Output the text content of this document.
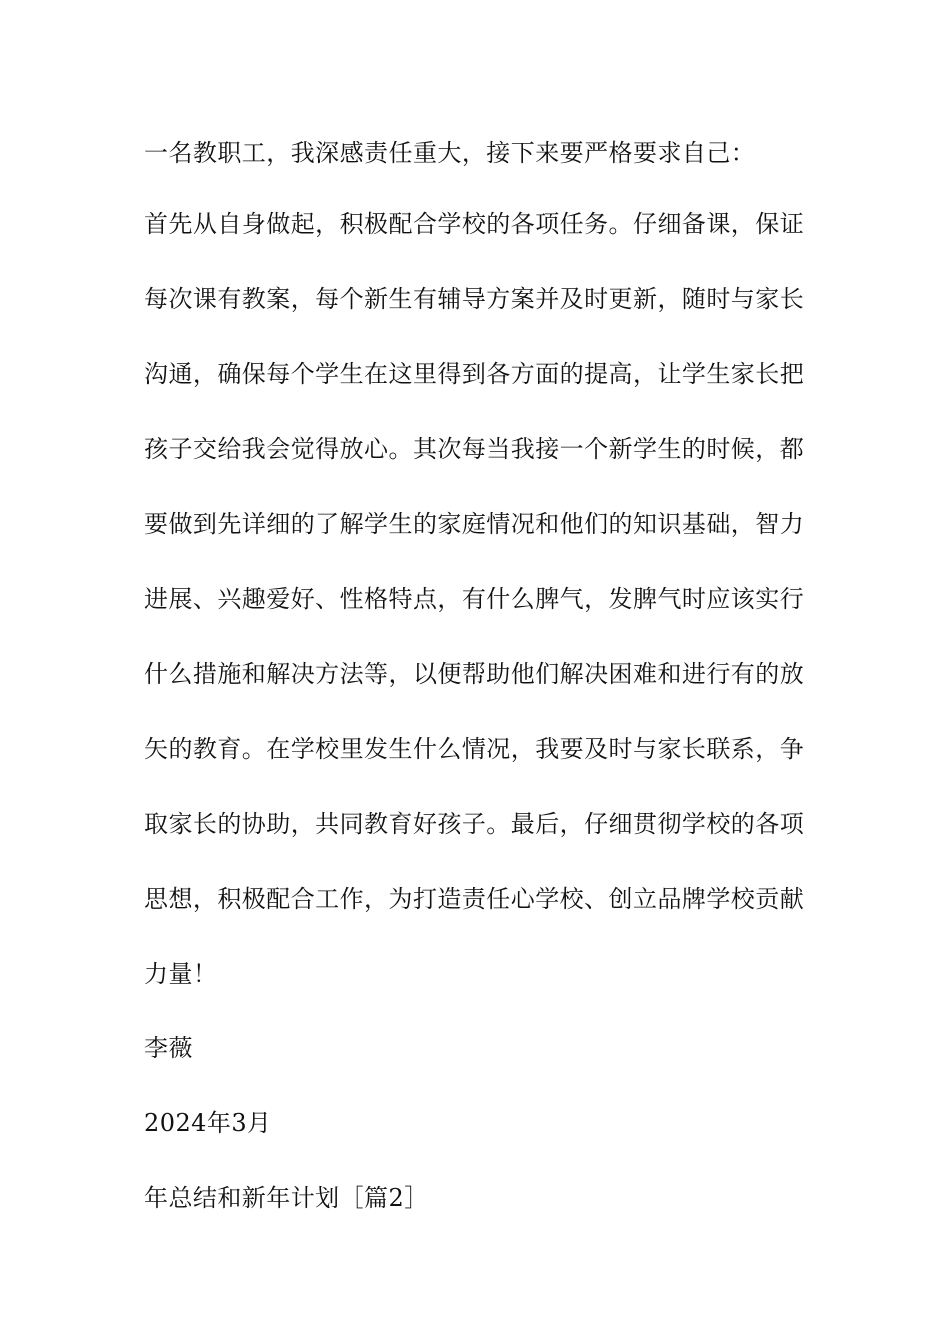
一名教职工，我深感责任重大，接下来要严格要求自己：
首先从自身做起，积极配合学校的各项任务。仔细备课，保证
每次课有教案，每个新生有辅导方案并及时更新，随时与家长
沟通，确保每个学生在这里得到各方面的提高，让学生家长把
孩子交给我会觉得放心。其次每当我接一个新学生的时候，都
要做到先详细的了解学生的家庭情况和他们的知识基础，智力
进展、兴趣爱好、性格特点，有什么脾气，发脾气时应该实行
什么措施和解决方法等，以便帮助他们解决困难和进行有的放
矢的教育。在学校里发生什么情况，我要及时与家长联系，争
取家长的协助，共同教育好孩子。最后，仔细贯彻学校的各项
思想，积极配合工作，为打造责任心学校、创立品牌学校贡献
力量！
李薇
2024年3月
年总结和新年计划［篇2］
